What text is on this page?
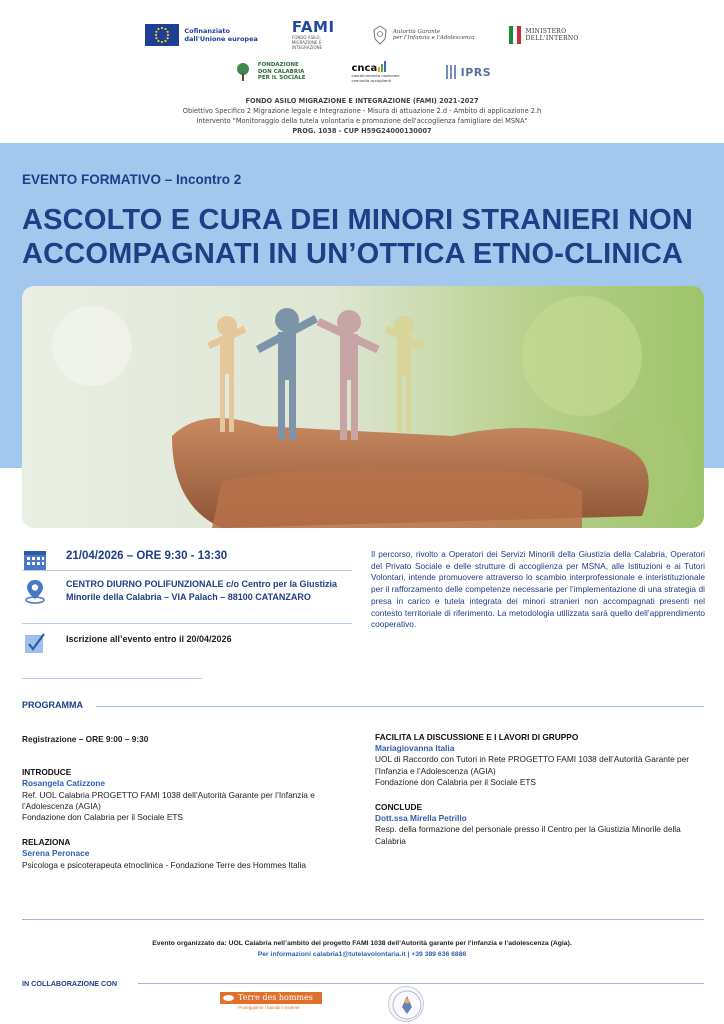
Cofinanziato
dall'Unione europea
FAMI
FONDO ASILO, MIGRAZIONE E INTEGRAZIONE
Autorità Garante
per l'Infanzia e l'Adolescenza
MINISTERO
DELL'INTERNO
FONDAZIONE
DON CALABRIA
PER IL SOCIALE
cnca
coordinamento nazionale
comunità accoglienti
IPRS
FONDO ASILO MIGRAZIONE E INTEGRAZIONE (FAMI) 2021-2027
Obiettivo Specifico 2 Migrazione legale e Integrazione - Misura di attuazione 2.d - Ambito di applicazione 2.h
Intervento "Monitoraggio della tutela volontaria e promozione dell'accoglienza famigliare dei MSNA"
PROG. 1038 - CUP H59G24000130007
EVENTO FORMATIVO – Incontro 2
ASCOLTO E CURA DEI MINORI STRANIERI NON ACCOMPAGNATI IN UN’OTTICA ETNO-CLINICA
21/04/2026 – ORE 9:30 - 13:30
CENTRO DIURNO POLIFUNZIONALE c/o Centro per la Giustizia Minorile della Calabria – VIA Palach – 88100 CATANZARO
Iscrizione all’evento entro il 20/04/2026
Il percorso, rivolto a Operatori dei Servizi Minorili della Giustizia della Calabria, Operatori del Privato Sociale e delle strutture di accoglienza per MSNA, alle Istituzioni e ai Tutori Volontari, intende promuovere attraverso lo scambio interprofessionale e interistituzionale per il rafforzamento delle competenze necessarie per l’implementazione di una strategia di presa in carico e tutela integrata dei minori stranieri non accompagnati presenti nel contesto territoriale di riferimento. La metodologia utilizzata sarà quello dell’apprendimento cooperativo.
PROGRAMMA
Registrazione – ORE 9:00 – 9:30
INTRODUCE
Rosangela Catizzone
Ref. UOL Calabria PROGETTO FAMI 1038 dell’Autorità Garante per l’Infanzia e l’Adolescenza (AGIA)
Fondazione don Calabria per il Sociale ETS
RELAZIONA
Serena Peronace
Psicologa e psicoterapeuta etnoclinica - Fondazione Terre des Hommes Italia
FACILITA LA DISCUSSIONE E I LAVORI DI GRUPPO
Mariagiovanna Italia
UOL di Raccordo con Tutori in Rete PROGETTO FAMI 1038 dell’Autorità Garante per l’Infanzia e l’Adolescenza (AGIA)
Fondazione don Calabria per il Sociale ETS
CONCLUDE
Dott.ssa Mirella Petrillo
Resp. della formazione del personale presso il Centro per la Giustizia Minorile della Calabria
Evento organizzato da: UOL Calabria nell’ambito del progetto FAMI 1038 dell’Autorità garante per l’infanzia e l’adolescenza (Agia).
Per informazioni calabria1@tutelavolontaria.it | +39 389 636 6886
IN COLLABORAZIONE CON
Terre des hommes
Proteggiamo i bambini insieme
